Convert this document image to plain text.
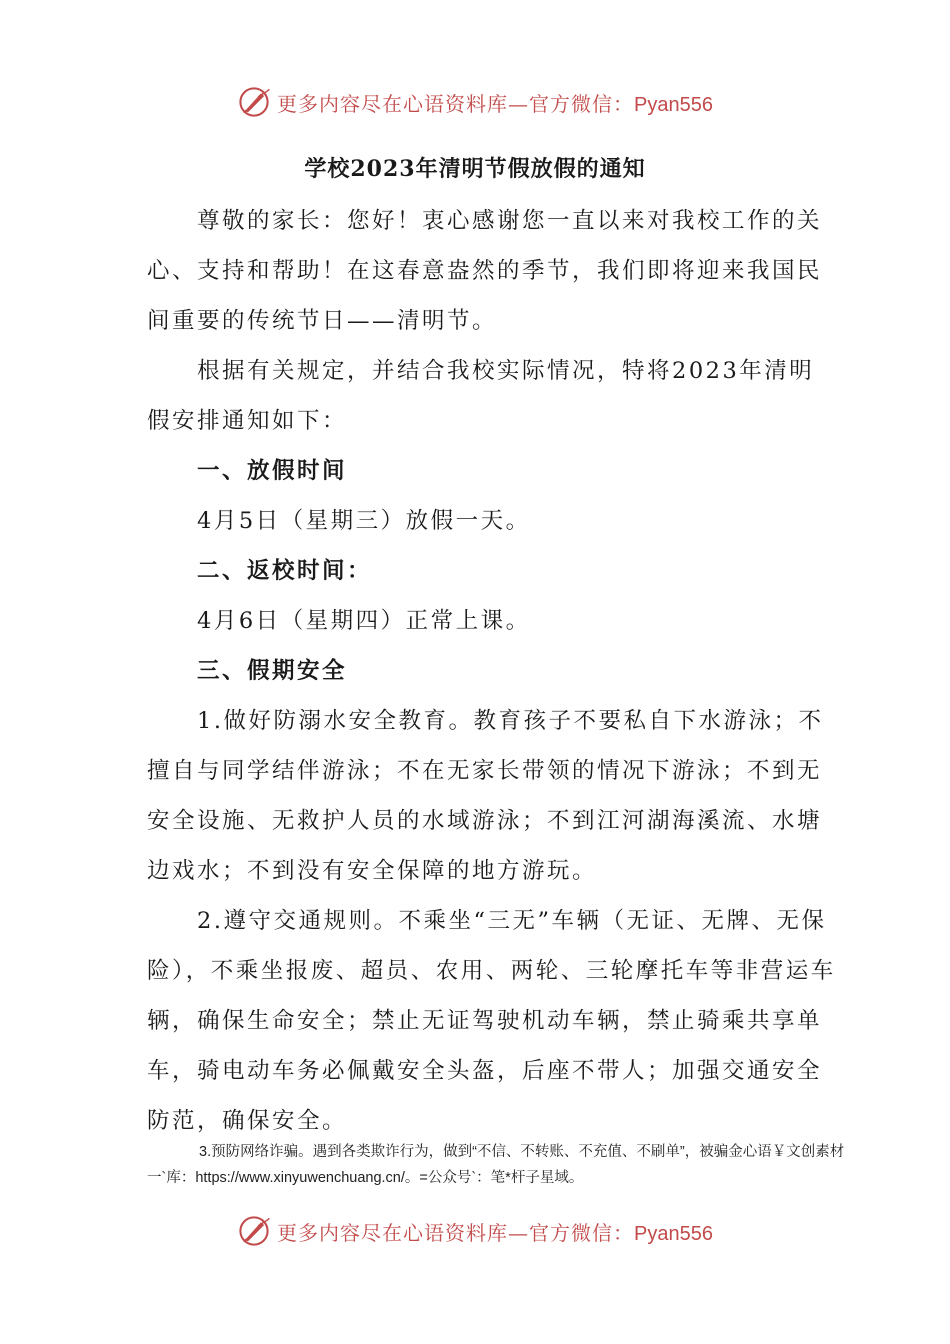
更多内容尽在心语资料库—官方微信：Pyan556
学校2023年清明节假放假的通知

尊敬的家长：您好！衷心感谢您一直以来对我校工作的关心、支持和帮助！在这春意盎然的季节，我们即将迎来我国民间重要的传统节日——清明节。

根据有关规定，并结合我校实际情况，特将2023年清明假安排通知如下：

一、放假时间

4月5日（星期三）放假一天。

二、返校时间：

4月6日（星期四）正常上课。

三、假期安全

1.做好防溺水安全教育。教育孩子不要私自下水游泳；不擅自与同学结伴游泳；不在无家长带领的情况下游泳；不到无安全设施、无救护人员的水域游泳；不到江河湖海溪流、水塘边戏水；不到没有安全保障的地方游玩。

2.遵守交通规则。不乘坐“三无”车辆（无证、无牌、无保险），不乘坐报废、超员、农用、两轮、三轮摩托车等非营运车辆，确保生命安全；禁止无证驾驶机动车辆，禁止骑乘共享单车，骑电动车务必佩戴安全头盔，后座不带人；加强交通安全防范，确保安全。

3.预防网络诈骗。遇到各类欺诈行为，做到“不信、不转账、不充值、不刷单”，被骗金心语￥文创素材一`库：https://www.xinyuwenchuang.cn/。=公众号`：笔*杆子星域。

更多内容尽在心语资料库—官方微信：Pyan556
